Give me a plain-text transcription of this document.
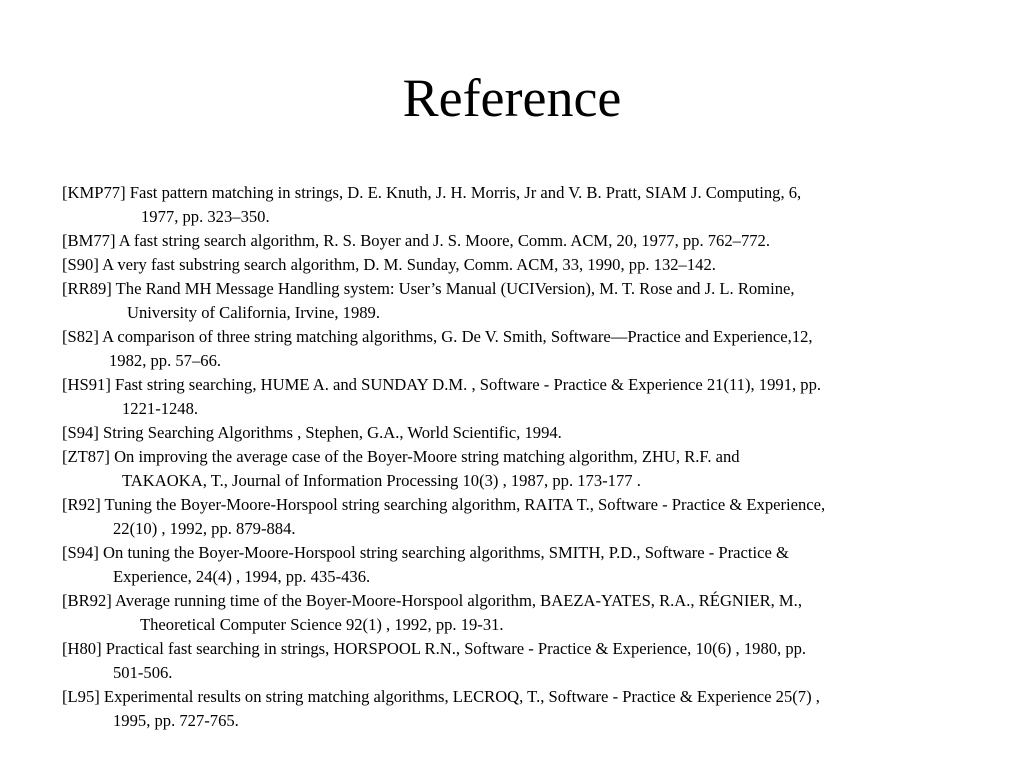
Reference

[KMP77] Fast pattern matching in strings, D. E. Knuth, J. H. Morris, Jr and V. B. Pratt, SIAM J. Computing, 6,
1977, pp. 323–350.

[BM77] A fast string search algorithm, R. S. Boyer and J. S. Moore, Comm. ACM, 20, 1977, pp. 762–772.

[S90] A very fast substring search algorithm, D. M. Sunday, Comm. ACM, 33, 1990, pp. 132–142.

[RR89] The Rand MH Message Handling system: User’s Manual (UCIVersion), M. T. Rose and J. L. Romine,
University of California, Irvine, 1989.

[S82] A comparison of three string matching algorithms, G. De V. Smith, Software—Practice and Experience,12,
1982, pp. 57–66.

[HS91] Fast string searching, HUME A. and SUNDAY D.M. , Software - Practice & Experience 21(11), 1991, pp.
1221-1248.

[S94] String Searching Algorithms , Stephen, G.A., World Scientific, 1994.

[ZT87] On improving the average case of the Boyer-Moore string matching algorithm, ZHU, R.F. and
TAKAOKA, T., Journal of Information Processing 10(3) , 1987, pp. 173-177 .

[R92] Tuning the Boyer-Moore-Horspool string searching algorithm, RAITA T., Software - Practice & Experience,
22(10) , 1992, pp. 879-884.

[S94] On tuning the Boyer-Moore-Horspool string searching algorithms, SMITH, P.D., Software - Practice &
Experience, 24(4) , 1994, pp. 435-436.

[BR92] Average running time of the Boyer-Moore-Horspool algorithm, BAEZA-YATES, R.A., RÉGNIER, M.,
Theoretical Computer Science 92(1) , 1992, pp. 19-31.

[H80] Practical fast searching in strings, HORSPOOL R.N., Software - Practice & Experience, 10(6) , 1980, pp.
501-506.

[L95] Experimental results on string matching algorithms, LECROQ, T., Software - Practice & Experience 25(7) ,
1995, pp. 727-765.
